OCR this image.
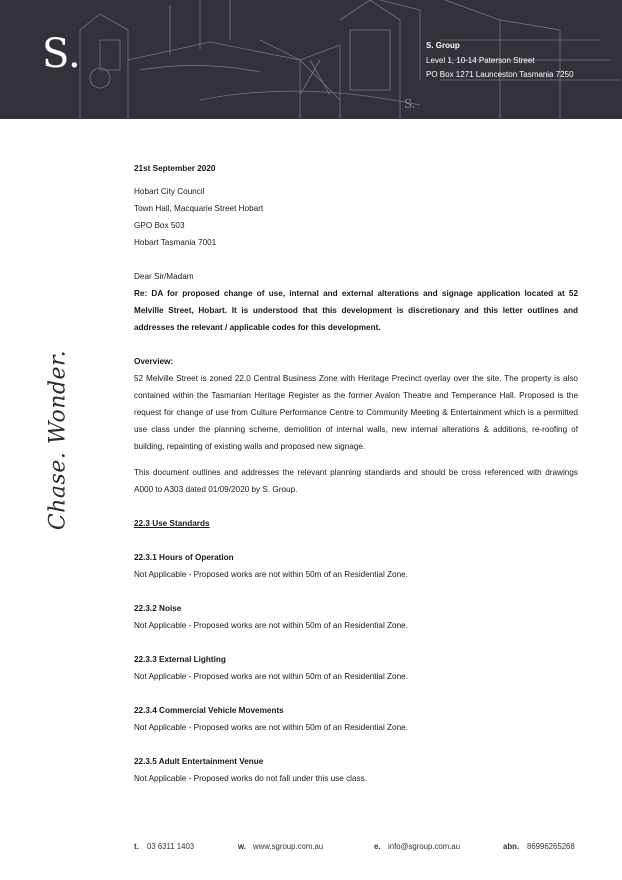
S.
S.	S. Group
Level 1, 10-14 Paterson Street
PO Box 1271 Launceston Tasmania 7250
Chase. Wonder.

21st September 2020

Hobart City Council

Town Hall, Macquarie Street Hobart

GPO Box 503

Hobart Tasmania 7001

Dear Sir/Madam

Re: DA for proposed change of use, internal and external alterations and signage application located at 52 Melville Street, Hobart. It is understood that this development is discretionary and this letter outlines and addresses the relevant / applicable codes for this development.

Overview:

52 Melville Street is zoned 22.0 Central Business Zone with Heritage Precinct overlay over the site. The property is also contained within the Tasmanian Heritage Register as the former Avalon Theatre and Temperance Hall. Proposed is the request for change of use from Culture Performance Centre to Community Meeting & Entertainment which is a permitted use class under the planning scheme, demolition of internal walls, new internal alterations & additions, re-roofing of building, repainting of existing walls and proposed new signage.

This document outlines and addresses the relevant planning standards and should be cross referenced with drawings A000 to A303 dated 01/09/2020 by S. Group.

22.3 Use Standards

22.3.1 Hours of Operation

Not Applicable - Proposed works are not within 50m of an Residential Zone.

22.3.2 Noise

Not Applicable - Proposed works are not within 50m of an Residential Zone.

22.3.3 External Lighting

Not Applicable - Proposed works are not within 50m of an Residential Zone.

22.3.4 Commercial Vehicle Movements

Not Applicable - Proposed works are not within 50m of an Residential Zone.

22.3.5 Adult Entertainment Venue

Not Applicable - Proposed works do not fall under this use class.

t. 03 6311 1403	w. www.sgroup.com.au	e. info@sgroup.com.au	abn. 86996265268
